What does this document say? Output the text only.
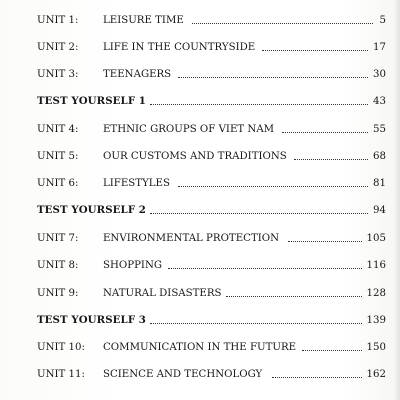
UNIT 1: LEISURE TIME	5
UNIT 2: LIFE IN THE COUNTRYSIDE	17
UNIT 3: TEENAGERS	30
TEST YOURSELF 1	43
UNIT 4: ETHNIC GROUPS OF VIET NAM	55
UNIT 5: OUR CUSTOMS AND TRADITIONS	68
UNIT 6: LIFESTYLES	81
TEST YOURSELF 2	94
UNIT 7: ENVIRONMENTAL PROTECTION	105
UNIT 8: SHOPPING	116
UNIT 9: NATURAL DISASTERS	128
TEST YOURSELF 3	139
UNIT 10: COMMUNICATION IN THE FUTURE	150
UNIT 11: SCIENCE AND TECHNOLOGY	162
